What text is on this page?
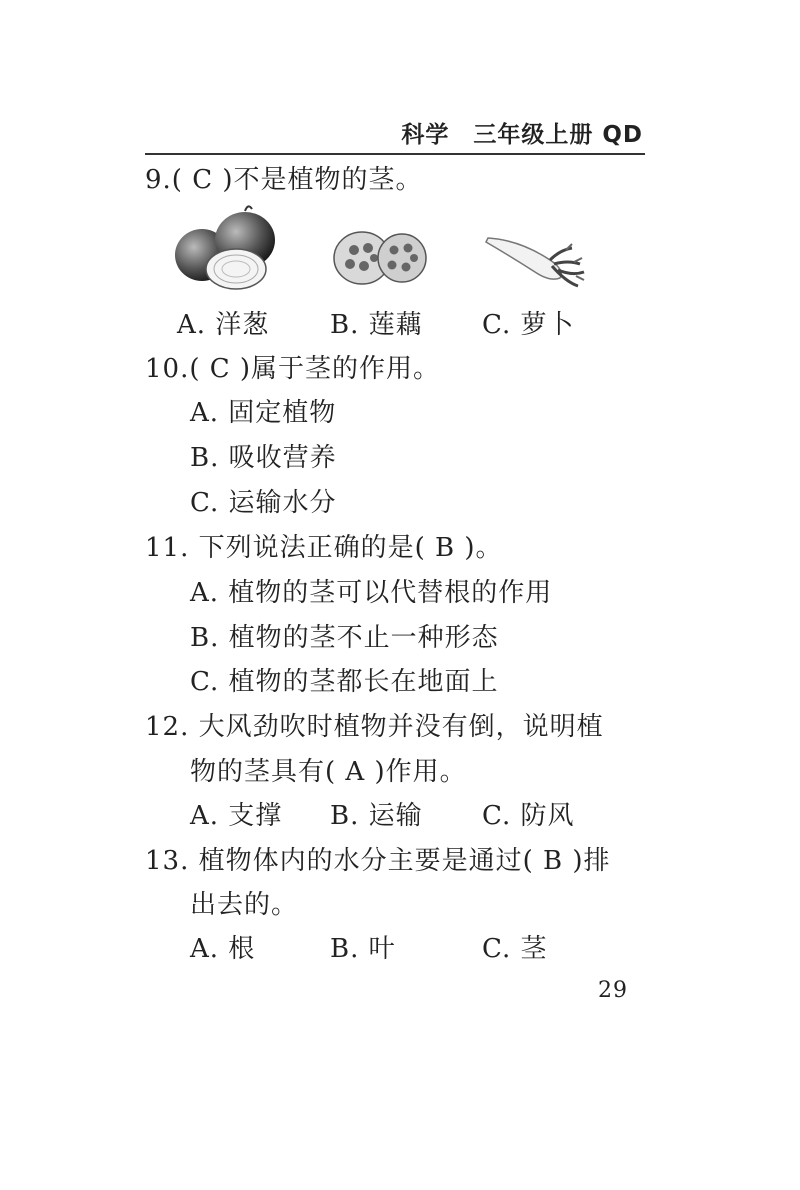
科学　三年级上册 QD
9.( C )不是植物的茎。
A. 洋葱 B. 莲藕 C. 萝卜
10.( C )属于茎的作用。
A. 固定植物
B. 吸收营养
C. 运输水分
11. 下列说法正确的是( B )。
A. 植物的茎可以代替根的作用
B. 植物的茎不止一种形态
C. 植物的茎都长在地面上
12. 大风劲吹时植物并没有倒，说明植
物的茎具有( A )作用。
A. 支撑 B. 运输 C. 防风
13. 植物体内的水分主要是通过( B )排
出去的。
A. 根	B. 叶	C. 茎
29
